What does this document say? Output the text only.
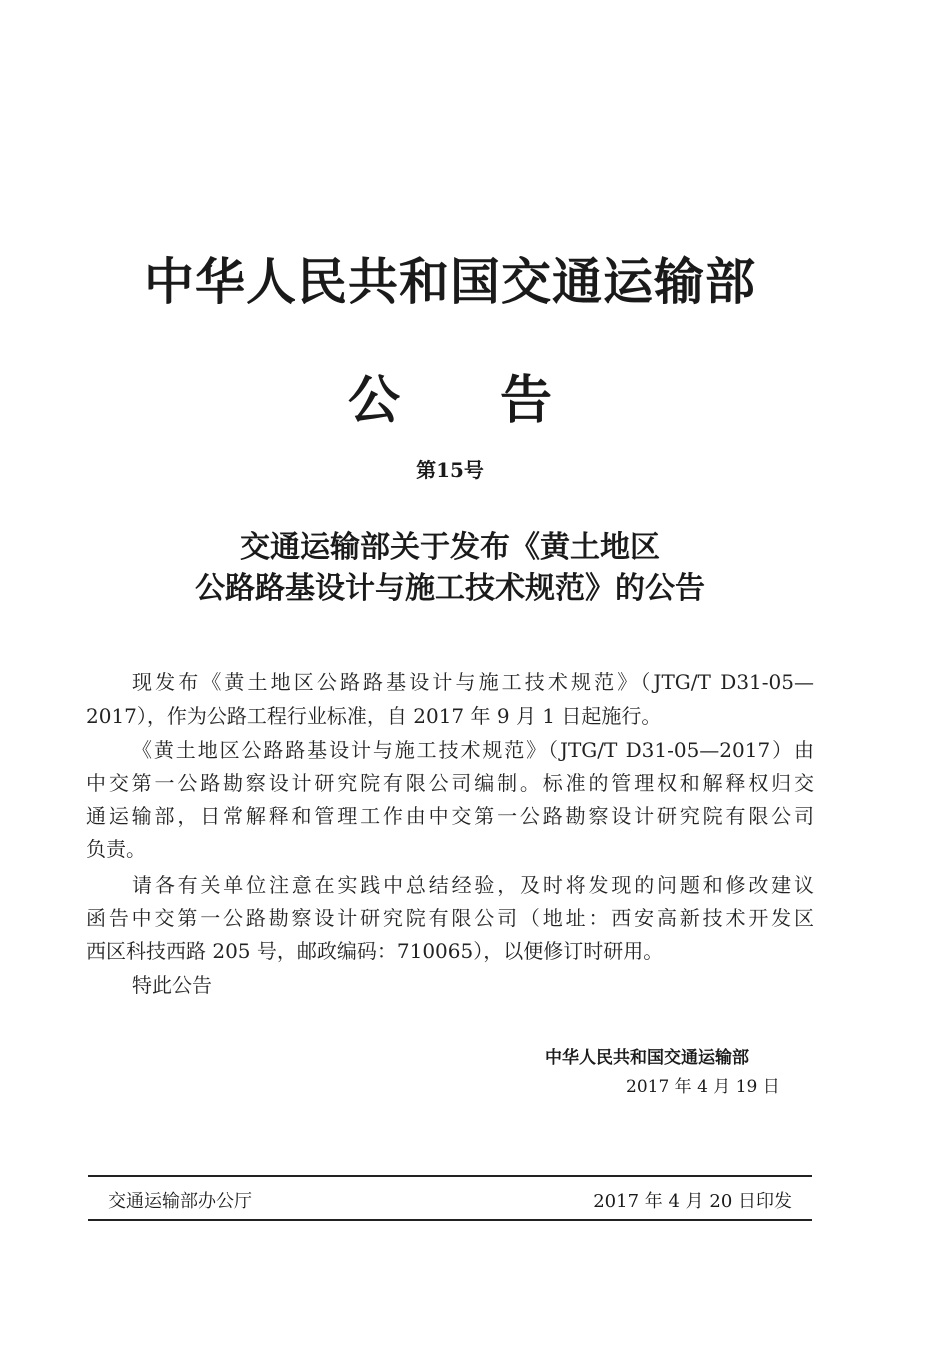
中华人民共和国交通运输部
公告
第15号
交通运输部关于发布《黄土地区
公路路基设计与施工技术规范》的公告
现发布《黄土地区公路路基设计与施工技术规范》（JTG/T D31-05—
2017），作为公路工程行业标准，自 2017 年 9 月 1 日起施行。
《黄土地区公路路基设计与施工技术规范》（JTG/T D31-05—2017）由
中交第一公路勘察设计研究院有限公司编制。标准的管理权和解释权归交
通运输部，日常解释和管理工作由中交第一公路勘察设计研究院有限公司
负责。
请各有关单位注意在实践中总结经验，及时将发现的问题和修改建议
函告中交第一公路勘察设计研究院有限公司（地址：西安高新技术开发区
西区科技西路 205 号，邮政编码：710065），以便修订时研用。
特此公告
中华人民共和国交通运输部
2017 年 4 月 19 日
交通运输部办公厅	2017 年 4 月 20 日印发
